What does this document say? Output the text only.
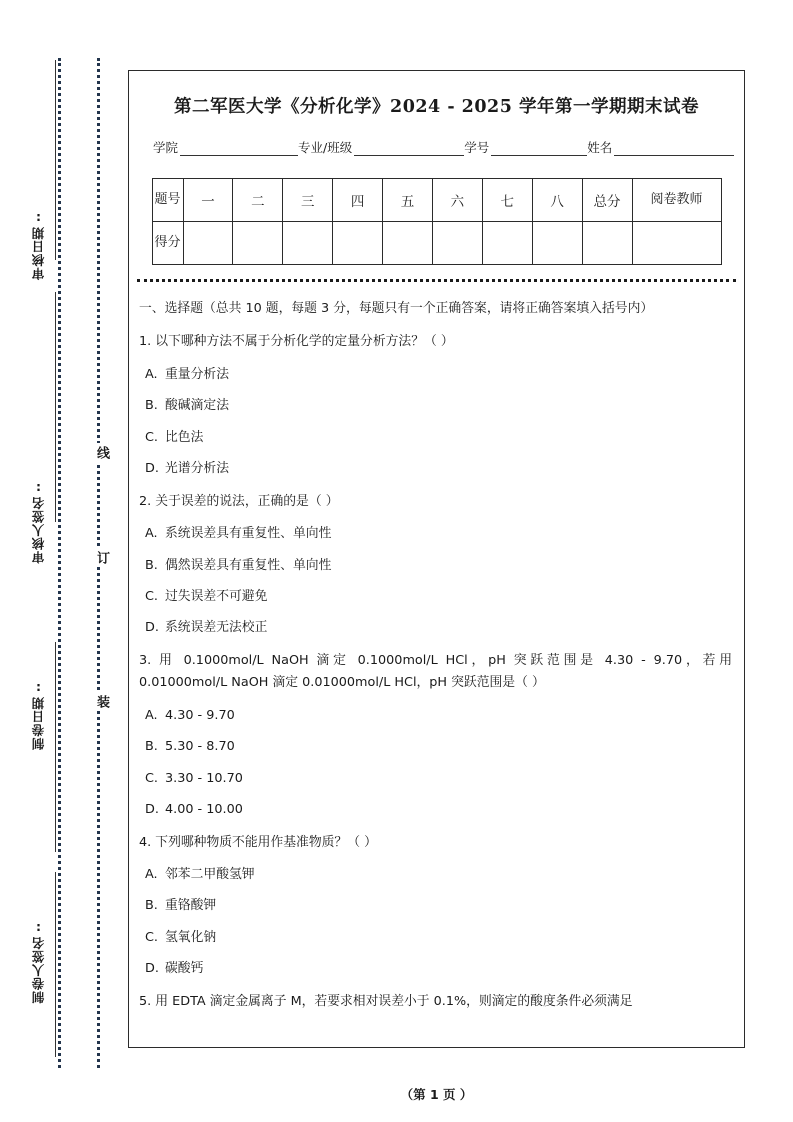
审核日期:
审核人签名:
制卷日期:
制卷人签名:
线
订
装
第二军医大学《分析化学》2024 - 2025 学年第一学期期末试卷
学院	专业/班级	学号	姓名
题号	一	二	三	四	五	六	七	八	总分	阅卷教师

得分										

一、选择题（总共 10 题，每题 3 分，每题只有一个正确答案，请将正确答案填入括号内）
1. 以下哪种方法不属于分析化学的定量分析方法？（ ）
A. 重量分析法
B. 酸碱滴定法
C. 比色法
D. 光谱分析法
2. 关于误差的说法，正确的是（ ）
A. 系统误差具有重复性、单向性
B. 偶然误差具有重复性、单向性
C. 过失误差不可避免
D. 系统误差无法校正
3. 用 0.1000mol/L NaOH 滴定 0.1000mol/L HCl，pH 突跃范围是 4.30 - 9.70，若用 0.01000mol/L NaOH 滴定 0.01000mol/L HCl，pH 突跃范围是（ ）
A. 4.30 - 9.70
B. 5.30 - 8.70
C. 3.30 - 10.70
D. 4.00 - 10.00
4. 下列哪种物质不能用作基准物质？（ ）
A. 邻苯二甲酸氢钾
B. 重铬酸钾
C. 氢氧化钠
D. 碳酸钙
5. 用 EDTA 滴定金属离子 M，若要求相对误差小于 0.1%，则滴定的酸度条件必须满足
（第 1 页 ）
